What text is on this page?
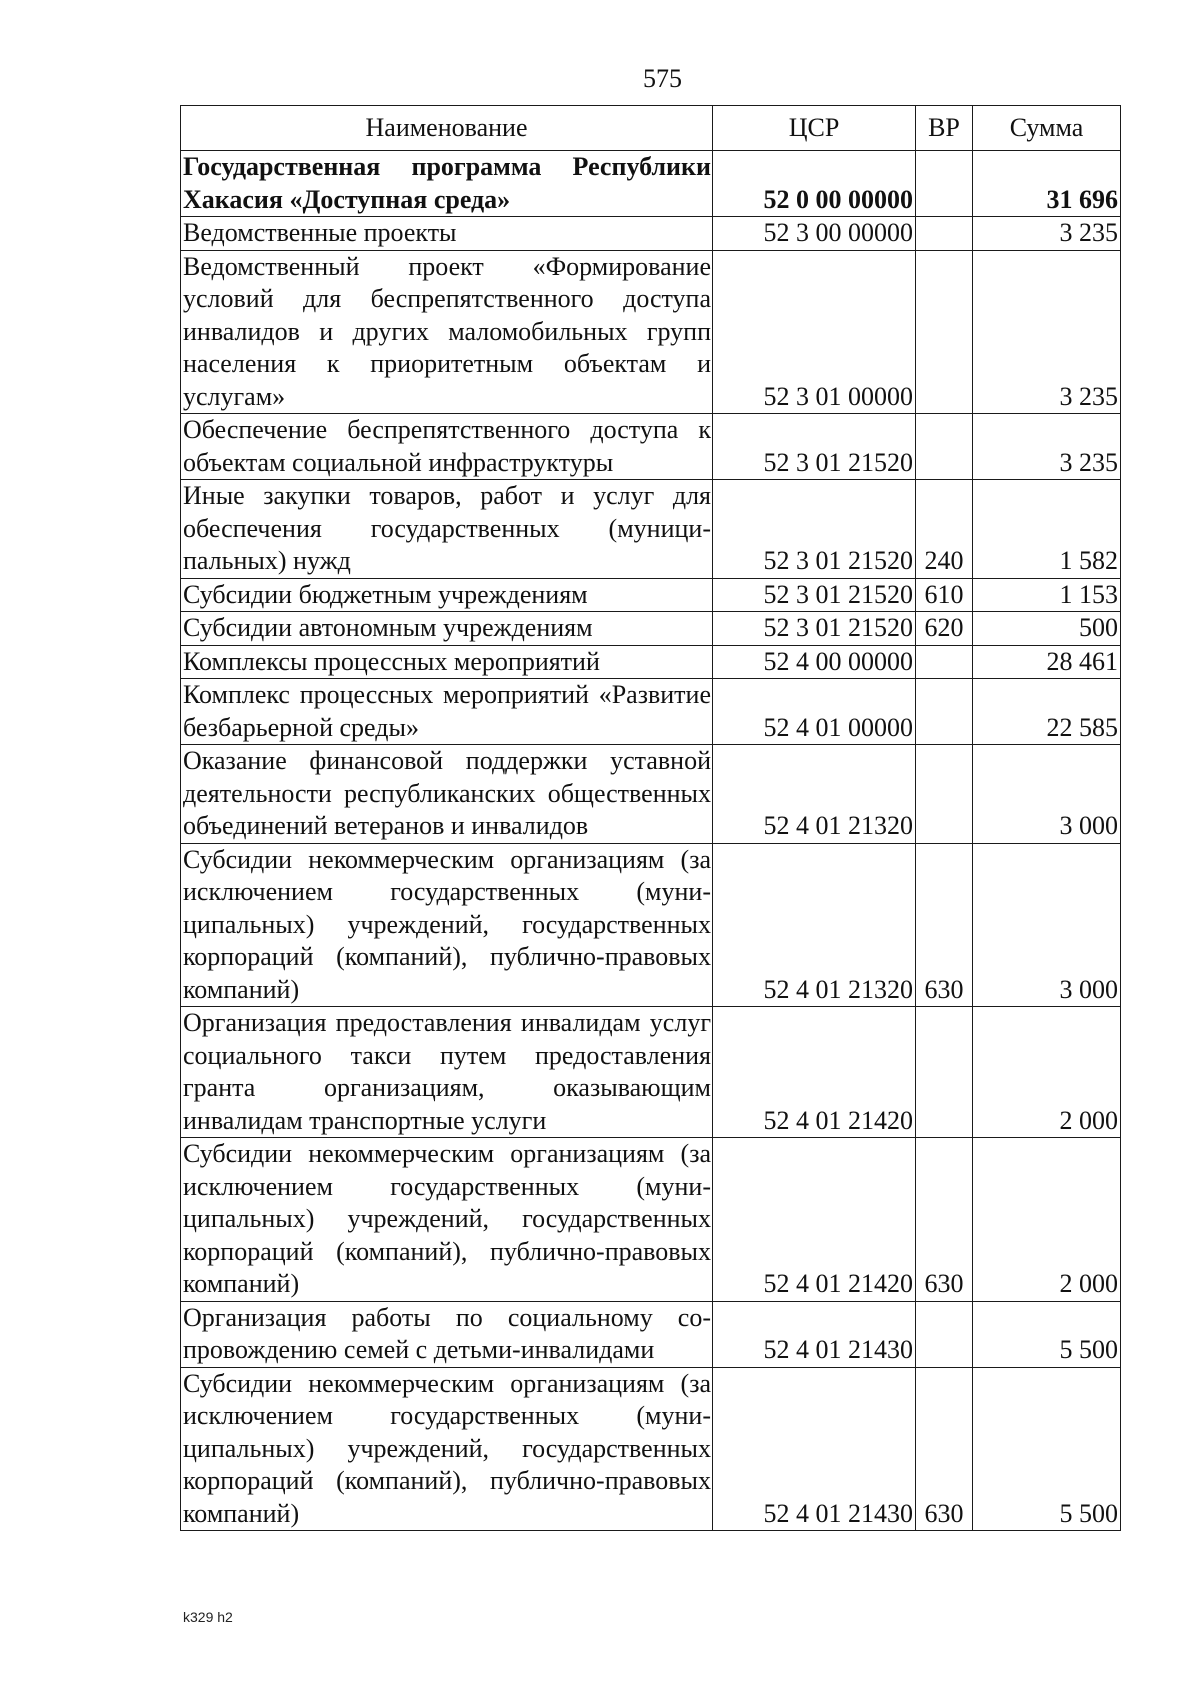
575
Наименование	ЦСР	ВР	Сумма
Государственная программа Республики Хакасия «Доступная среда»	52 0 00 00000		31 696
Ведомственные проекты	52 3 00 00000		3 235
Ведомственный проект «Формирование условий для беспрепятственного доступа инвалидов и других маломобильных групп населения к приоритетным объектам и услугам»	52 3 01 00000		3 235
Обеспечение беспрепятственного доступа к объектам социальной инфраструктуры	52 3 01 21520		3 235
Иные закупки товаров, работ и услуг для обеспечения государственных (муниципальных) нужд	52 3 01 21520	240	1 582
Субсидии бюджетным учреждениям	52 3 01 21520	610	1 153
Субсидии автономным учреждениям	52 3 01 21520	620	500
Комплексы процессных мероприятий	52 4 00 00000		28 461
Комплекс процессных мероприятий «Развитие безбарьерной среды»	52 4 01 00000		22 585
Оказание финансовой поддержки уставной деятельности республиканских общественных объединений ветеранов и инвалидов	52 4 01 21320		3 000
Субсидии некоммерческим организациям (за исключением государственных (муниципальных) учреждений, государственных корпораций (компаний), публично-правовых компаний)	52 4 01 21320	630	3 000
Организация предоставления инвалидам услуг социального такси путем предоставления гранта организациям, оказывающим инвалидам транспортные услуги	52 4 01 21420		2 000
Субсидии некоммерческим организациям (за исключением государственных (муниципальных) учреждений, государственных корпораций (компаний), публично-правовых компаний)	52 4 01 21420	630	2 000
Организация работы по социальному сопровождению семей с детьми-инвалидами	52 4 01 21430		5 500
Субсидии некоммерческим организациям (за исключением государственных (муниципальных) учреждений, государственных корпораций (компаний), публично-правовых компаний)	52 4 01 21430	630	5 500
k329 h2
